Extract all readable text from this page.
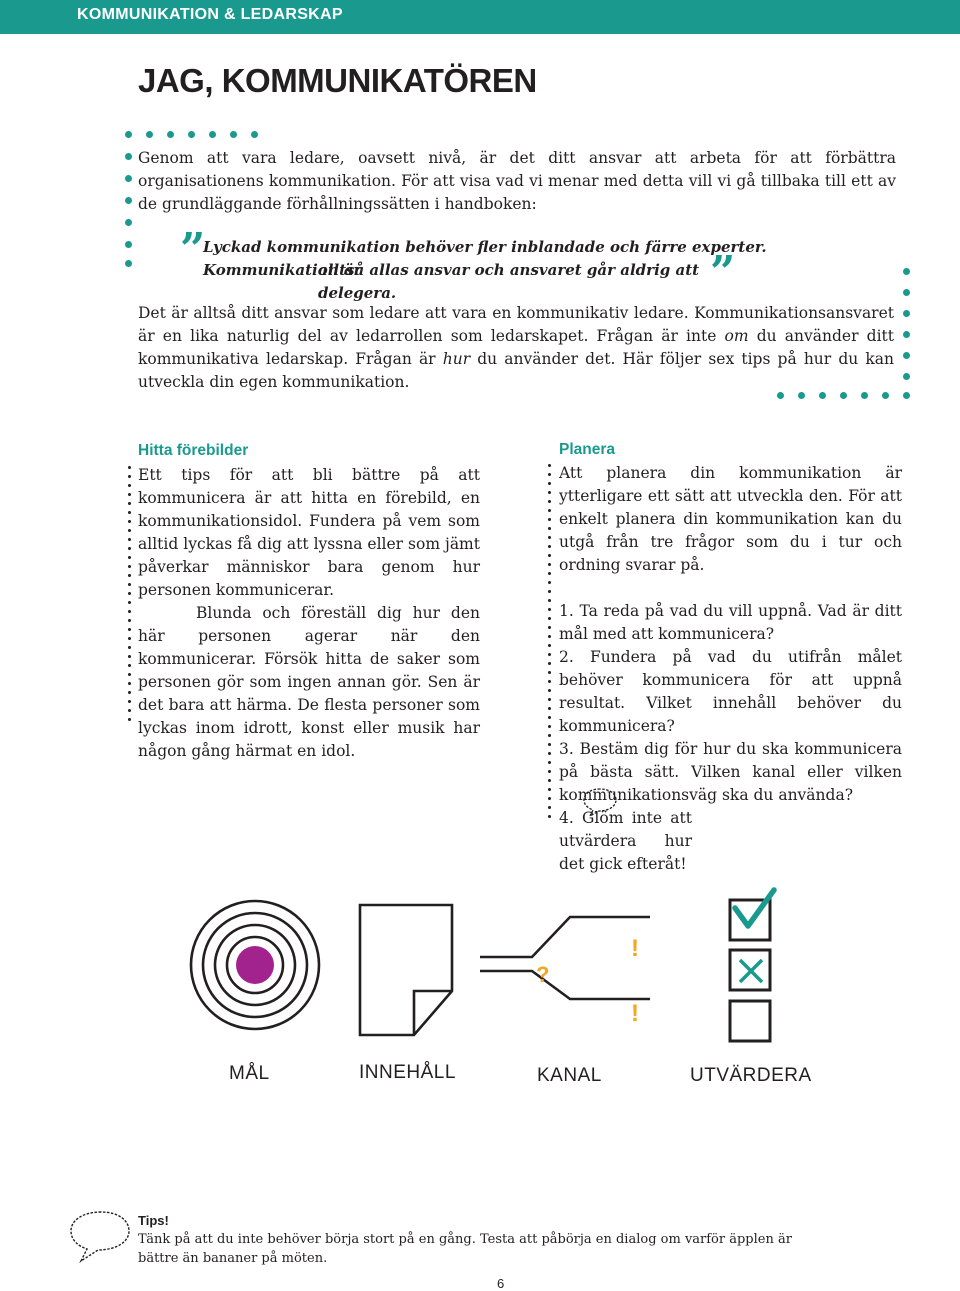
KOMMUNIKATION & LEDARSKAP
JAG, KOMMUNIKATÖREN

Genom att vara ledare, oavsett nivå, är det ditt ansvar att arbeta för att förbättra organisationens kommunikation. För att visa vad vi menar med detta vill vi gå tillbaka till ett av de grundläggande förhållningssätten i handboken:

”

Lyckad kommunikation behöver fler inblandade och färre experter. Kommunikation är

alltså allas ansvar och ansvaret går aldrig att delegera.	”

Det är alltså ditt ansvar som ledare att vara en kommunikativ ledare. Kommunikationsansvaret är en lika naturlig del av ledarrollen som ledarskapet. Frågan är inte om du använder ditt kommunikativa ledarskap. Frågan är hur du använder det. Här följer sex tips på hur du kan utveckla din egen kommunikation.

Hitta förebilder

Ett tips för att bli bättre på att kommunicera är att hitta en förebild, en kommunikationsidol. Fundera på vem som alltid lyckas få dig att lyssna eller som jämt påverkar människor bara genom hur personen kommunicerar.

Blunda och föreställ dig hur den här personen agerar när den kommunicerar. Försök hitta de saker som personen gör som ingen annan gör. Sen är det bara att härma. De flesta personer som lyckas inom idrott, konst eller musik har någon gång härmat en idol.

Planera

Att planera din kommunikation är ytterligare ett sätt att utveckla den. För att enkelt planera din kommunikation kan du utgå från tre frågor som du i tur och ordning svarar på.

1. Ta reda på vad du vill uppnå. Vad är ditt mål med att kommunicera?

2. Fundera på vad du utifrån målet behöver kommunicera för att uppnå resultat. Vilket innehåll behöver du kommunicera?

3. Bestäm dig för hur du ska kommunicera på bästa sätt. Vilken kanal eller vilken kommunikationsväg ska du använda?

4. Glöm inte att utvärdera hur det gick efteråt!

?
!
!
MÅL	INNEHÅLL	KANAL	UTVÄRDERA
Tips!

Tänk på att du inte behöver börja stort på en gång. Testa att påbörja en dialog om varför äpplen är bättre än bananer på möten.

6
